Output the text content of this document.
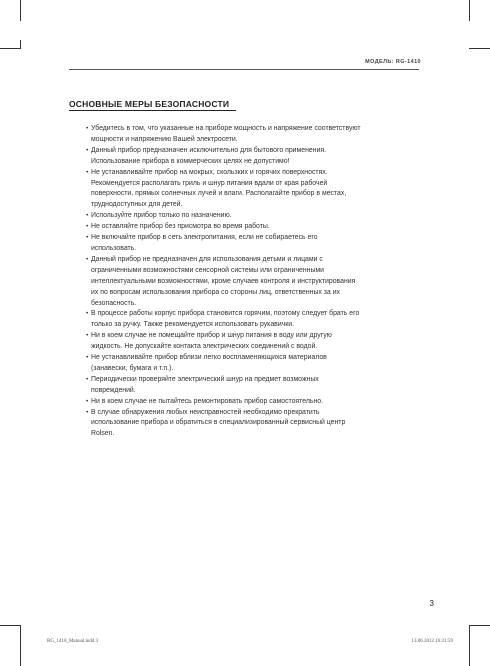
МОДЕЛЬ: RG-1410
ОСНОВНЫЕ МЕРЫ БЕЗОПАСНОСТИ
• Убедитесь в том, что указанные на приборе мощность и напряжение соответствуют
мощности и напряжению Вашей электросети.
• Данный прибор предназначен исключительно для бытового применения.
Использование прибора в коммерческих целях не допустимо!
• Не устанавливайте прибор на мокрых, скользких и горячих поверхностях.
Рекомендуется располагать гриль и шнур питания вдали от края рабочей
поверхности, прямых солнечных лучей и влаги. Располагайте прибор в местах,
труднодоступных для детей.
• Используйте прибор только по назначению.
• Не оставляйте прибор без присмотра во время работы.
• Не включайте прибор в сеть электропитания, если не собираетесь его
использовать.
• Данный прибор не предназначен для использования детьми и лицами с
ограниченными возможностями сенсорной системы или ограниченными
интеллектуальными возможностями, кроме случаев контроля и инструктирования
их по вопросам использования прибора со стороны лиц, ответственных за их
безопасность.
• В процессе работы корпус прибора становится горячим, поэтому следует брать его
только за ручку. Также рекомендуется использовать рукавички.
• Ни в коем случае не помещайте прибор и шнур питания в воду или другую
жидкость. Не допускайте контакта электрических соединений с водой.
• Не устанавливайте прибор вблизи легко воспламеняющихся материалов
(занавески, бумага и т.п.).
• Периодически проверяйте электрический шнур на предмет возможных
повреждений.
• Ни в коем случае не пытайтесь ремонтировать прибор самостоятельно.
• В случае обнаружения любых неисправностей необходимо прекратить
использование прибора и обратиться в специализированный сервисный центр
Rolsen.
3
RG_1410_Manual.indd 3	13.06.2012 16:21:59
